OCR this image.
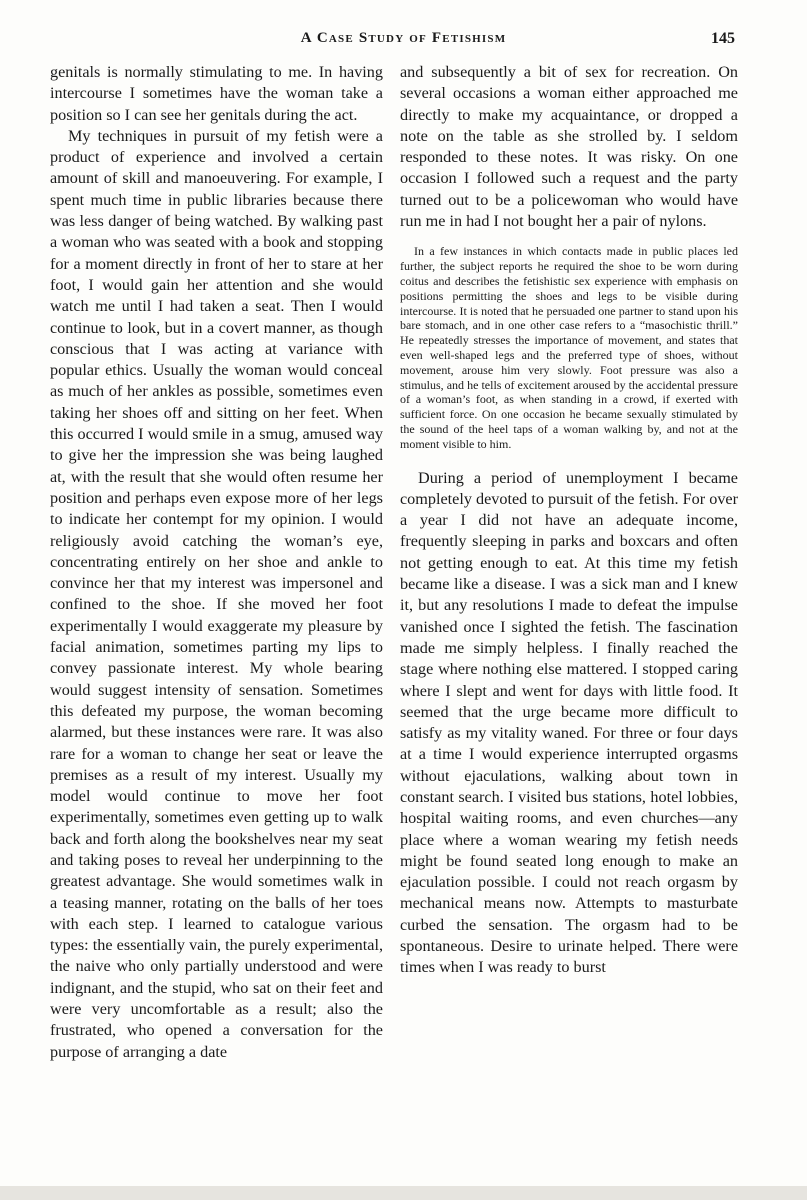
A Case Study of Fetishism	145

genitals is normally stimulating to me. In having intercourse I sometimes have the woman take a position so I can see her genitals during the act.

My techniques in pursuit of my fetish were a product of experience and involved a certain amount of skill and manoeuvering. For example, I spent much time in public libraries because there was less danger of being watched. By walking past a woman who was seated with a book and stopping for a moment directly in front of her to stare at her foot, I would gain her attention and she would watch me until I had taken a seat. Then I would continue to look, but in a covert manner, as though conscious that I was acting at variance with popular ethics. Usually the woman would conceal as much of her ankles as possible, sometimes even taking her shoes off and sitting on her feet. When this occurred I would smile in a smug, amused way to give her the impression she was being laughed at, with the result that she would often resume her position and perhaps even expose more of her legs to indicate her contempt for my opinion. I would religiously avoid catching the woman’s eye, concentrating entirely on her shoe and ankle to convince her that my interest was impersonel and confined to the shoe. If she moved her foot experimentally I would exaggerate my pleasure by facial animation, sometimes parting my lips to convey passionate interest. My whole bearing would suggest intensity of sensation. Sometimes this defeated my purpose, the woman becoming alarmed, but these instances were rare. It was also rare for a woman to change her seat or leave the premises as a result of my interest. Usually my model would continue to move her foot experimentally, sometimes even getting up to walk back and forth along the bookshelves near my seat and taking poses to reveal her underpinning to the greatest advantage. She would sometimes walk in a teasing manner, rotating on the balls of her toes with each step. I learned to catalogue various types: the essentially vain, the purely experimental, the naive who only partially understood and were indignant, and the stupid, who sat on their feet and were very uncomfortable as a result; also the frustrated, who opened a conversation for the purpose of arranging a date

and subsequently a bit of sex for recreation. On several occasions a woman either approached me directly to make my acquaintance, or dropped a note on the table as she strolled by. I seldom responded to these notes. It was risky. On one occasion I followed such a request and the party turned out to be a policewoman who would have run me in had I not bought her a pair of nylons.

In a few instances in which contacts made in public places led further, the subject reports he required the shoe to be worn during coitus and describes the fetishistic sex experience with emphasis on positions permitting the shoes and legs to be visible during intercourse. It is noted that he persuaded one partner to stand upon his bare stomach, and in one other case refers to a “masochistic thrill.” He repeatedly stresses the importance of movement, and states that even well-shaped legs and the preferred type of shoes, without movement, arouse him very slowly. Foot pressure was also a stimulus, and he tells of excitement aroused by the accidental pressure of a woman’s foot, as when standing in a crowd, if exerted with sufficient force. On one occasion he became sexually stimulated by the sound of the heel taps of a woman walking by, and not at the moment visible to him.

During a period of unemployment I became completely devoted to pursuit of the fetish. For over a year I did not have an adequate income, frequently sleeping in parks and boxcars and often not getting enough to eat. At this time my fetish became like a disease. I was a sick man and I knew it, but any resolutions I made to defeat the impulse vanished once I sighted the fetish. The fascination made me simply helpless. I finally reached the stage where nothing else mattered. I stopped caring where I slept and went for days with little food. It seemed that the urge became more difficult to satisfy as my vitality waned. For three or four days at a time I would experience interrupted orgasms without ejaculations, walking about town in constant search. I visited bus stations, hotel lobbies, hospital waiting rooms, and even churches—any place where a woman wearing my fetish needs might be found seated long enough to make an ejaculation possible. I could not reach orgasm by mechanical means now. Attempts to masturbate curbed the sensation. The orgasm had to be spontaneous. Desire to urinate helped. There were times when I was ready to burst
